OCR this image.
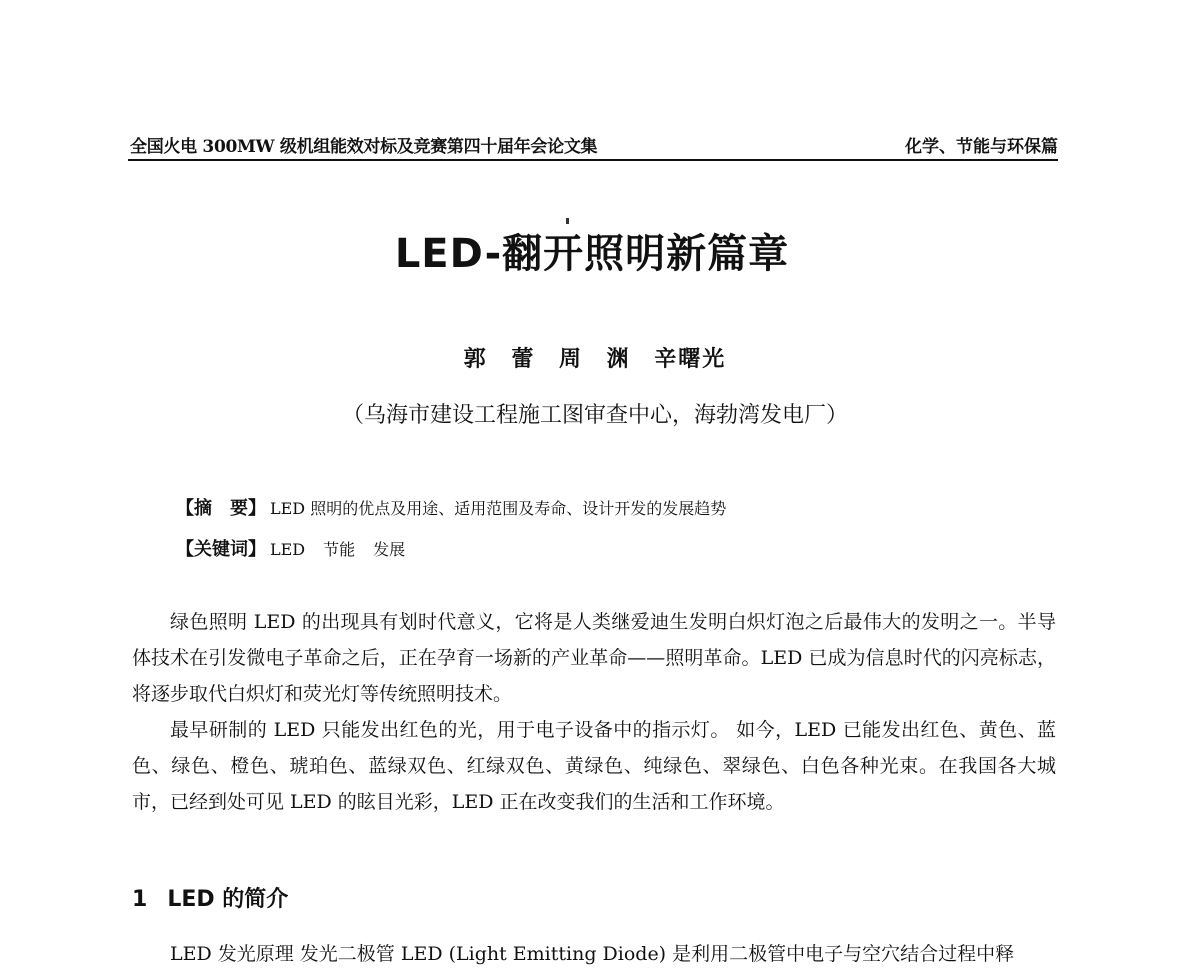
全国火电 300MW 级机组能效对标及竞赛第四十届年会论文集	化学、节能与环保篇
LED-翻开照明新篇章
郭 蕾 周 渊 辛曙光
（乌海市建设工程施工图审查中心，海勃湾发电厂）
【摘　要】 LED 照明的优点及用途、适用范围及寿命、设计开发的发展趋势
【关键词】 LED 节能 发展

绿色照明 LED 的出现具有划时代意义，它将是人类继爱迪生发明白炽灯泡之后最伟大的发明之一。半导体技术在引发微电子革命之后，正在孕育一场新的产业革命——照明革命。LED 已成为信息时代的闪亮标志，将逐步取代白炽灯和荧光灯等传统照明技术。

最早研制的 LED 只能发出红色的光，用于电子设备中的指示灯。 如今，LED 已能发出红色、黄色、蓝色、绿色、橙色、琥珀色、蓝绿双色、红绿双色、黄绿色、纯绿色、翠绿色、白色各种光束。在我国各大城市，已经到处可见 LED 的眩目光彩，LED 正在改变我们的生活和工作环境。

1 LED 的简介
LED 发光原理 发光二极管 LED (Light Emitting Diode) 是利用二极管中电子与空穴结合过程中释
